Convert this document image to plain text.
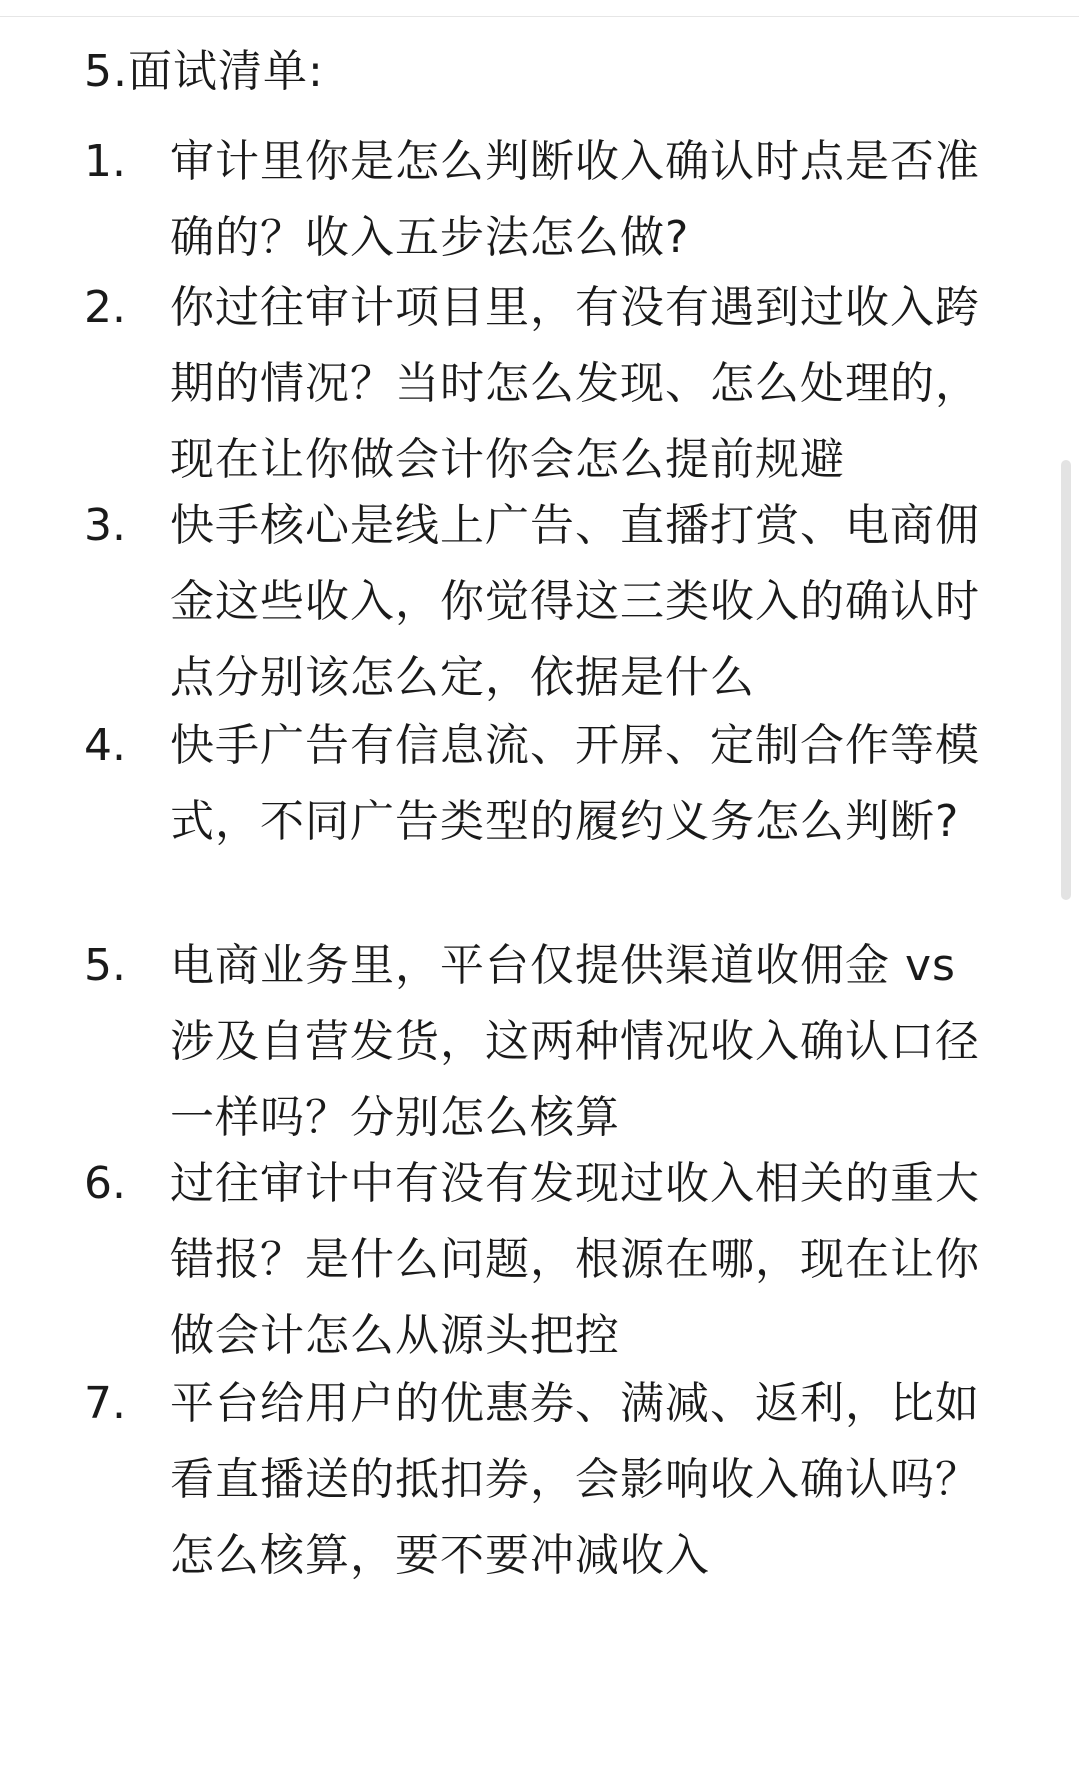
5.面试清单:
1. 审计里你是怎么判断收入确认时点是否准确的？收入五步法怎么做?
2. 你过往审计项目里，有没有遇到过收入跨期的情况？当时怎么发现、怎么处理的，现在让你做会计你会怎么提前规避
3. 快手核心是线上广告、直播打赏、电商佣金这些收入，你觉得这三类收入的确认时点分别该怎么定，依据是什么
4. 快手广告有信息流、开屏、定制合作等模式，不同广告类型的履约义务怎么判断?
5. 电商业务里，平台仅提供渠道收佣金 vs 涉及自营发货，这两种情况收入确认口径一样吗？分别怎么核算
6. 过往审计中有没有发现过收入相关的重大错报？是什么问题，根源在哪，现在让你做会计怎么从源头把控
7. 平台给用户的优惠券、满减、返利，比如看直播送的抵扣券，会影响收入确认吗？怎么核算，要不要冲减收入
